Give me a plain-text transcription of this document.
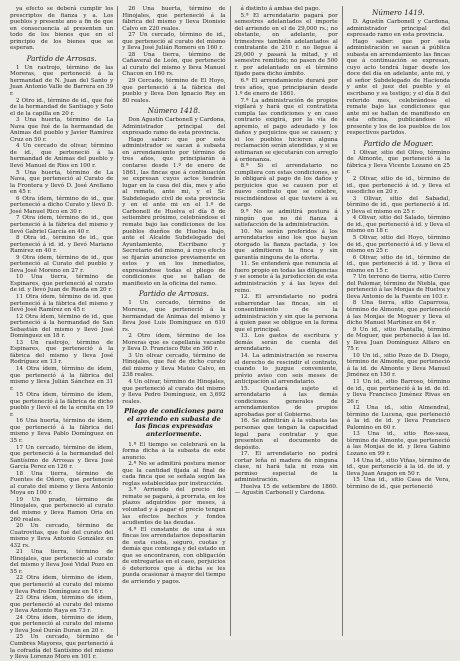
ya efecto se deberá cumplir los prescriptos de fianza y a. Los pueblos y presente ano a fin de que en consecuencia al presenten un todo de los bienes que en el principio de los bienes que se esperan.

Partido de Arrosas.

1 Un rastrojo, término de las Moreras, que perteneció á la hermandad de N. Juan del Santo y Juan Antonio Valle de Barrera en 39 r.

2 Otro id., término de id., que fué de la hermandad de Santiago y Soto el de la capilla en 20 r.

3 Una huerta, término de La Nava que fué de la hermandad de Animas del pueblo y Javier Ramírez Cruz en 50 r.

4 Un cercado de olivar, término de id., que perteneció á la hermandad de Animas del pueblo y llevó Manuel de Rios en 100 r.

5 Una huerta, término de La Nava, que perteneció al Curato de la Frontera y llevó D. José Arellano en 45 r.

6 Otra ídem, término de id., que perteneció a dicho Curato y llevó D. José Manuel Rico en 30 r.

7 Otra ídem, término de id., que perteneció á la fábrica del mismo y llevó Gabriel García en 40 r.

8 Otra id., término de id., que perteneció á id. id. y llevó Mariano Ramírez en 40 r.

9 Otra ídem, término de id., que perteneció al Curato del pueblo y lleva José Moreno en 27 r.

10 Una tierra, término de Espinares, que perteneció al curato de id. y llevó Juan de Rueda en 20 r.

11 Otra ídem, término de id. que perteneció á la fábrica del mismo y llevó José Ramírez en 45 r.

12 Otra ídem, término de id., que perteneció á la hermandad de San Sebastián del mismo y llevó José Domínguez en 18 r.

13 Un rastrojo, término de Espinares, que perteneció á la fábrica del mismo y lleva José Rodríguez en 13 r.

14 Otra ídem, término de ídem, que perteneció á la fábrica del mismo y lleva Julián Sánchez en 31 r.

15 Otra ídem, término de ídem, que perteneció á la fábrica de dicho pueblo y llevó el de la ermita en 19 r.

16 Una huerta, término de ídem, que perteneció á la fábrica del mismo y lleva Pablo Domínguez en 35 r.

17 Un cercado, término de ídem, que perteneció á la hermandad del Santísimo de Arrosas y lleva José García Perez en 126 r.

18 Una tierra, término de Fuentes de Oñoro, que perteneció al curato del mismo y lleva Antonio Moya en 100 r.

19 Un prado, término de Hinojales, que perteneció al curato del mismo y lleva Ramon Oria en 260 reales.

20 Un cercado, término de Cuatrovitas, que fué del curato del mismo y lleva Antonio González en 432 rs.

21 Una tierra, término de Hinojales, que perteneció al curato del mismo y lleva José Vidal Pozo en 55 r.

22 Otra ídem, término de ídem, que perteneció al curato del mismo y lleva Pedro Domínguez en 16 r.

23 Otra ídem, término de ídem, que perteneció al curato del mismo y lleva Antonio Raya en 73 r.

24 Otra ídem, término de ídem, que perteneció al curato del mismo y lleva José Durán Duran en 20 r.

25 Un cercado, término de Cumbres Mayores, que perteneció á la cofradía del Santísimo del mismo y lleva Lorenzo Moro en 101 r.

26 Una huerta, término de Hinojales, que perteneció á la fábrica del mismo y lleva Dionisio Calvo en 220 reales.

27 Un cercado, término de id., que perteneció al curato del mismo y lleva José Julián Romero en 160 r.

28 Una tierra, término de Cañaveral de León, que perteneció al curato del mismo y lleva Manuel Chacon en 160 rs.

29 Cercado, término de El Hoyo, que perteneció á la fábrica del pueblo y lleva Don Ignacio Rey en 80 reales.

Número 1418.

Don Agustín Carbonell y Cardona, Administrador principal del expresado ramo de esta provincia.

Hago saber: que por este administrador se sacan á subasta en arrendamiento por término de tres años, que principiarán á contarse desde 1.º de enero de 1861, las fincas que á continuación se expresan cuyos actos tendrán lugar en la casa del día, mes y año al remate, ante mi, y el Sr. Subdelegado civil de esta provincia y en el ante mi en el 1.º de Carbonell de Huelva el día 8 de setiembre próximo, celebrándose el remate bajo las condiciones de los pueblos dueños de Huelva bajo, ante el Alcalde Subdelegado del Ayuntamiento, Escribano y Secretario del mismo, á cuyo efecto se fijarán anuncios previamente en estos y en los inmediatos, expresándose todas el pliego de condiciones que se hallan de manifiesto en la oficina del ramo.

Partido de Arrosas.

1 Un cercado, término de Moreras, que perteneció á la hermandad de Animas del mismo y lleva José Luis Domínguez en 610 rs.

2 Otro ídem, término de los Moreras que es capellanía vacante y lleva D. Francisco Rite en 360 r.

3 Un olivar cercado, término de Hinojales, que fué de dicho curato del mismo y lleva Mateo Calvo, en 238 reales.

4 Un olivar, término de Hinojales, que perteneció al curato del mismo y lleva Pedro Domínguez, en 3,692 reales.

Pliego de condiciones para el arriendo en subasta de las fincas expresadas anteriormente.

1.ª El tiempo se celebrará en la forma dicha á la subasta de este anuncio.

2.ª No se admitirá postura menor que la cantidad fijada al final de cada finca que se señala según las reglas establecidas por instrucción.

3.ª Arriendo del precio del remate se pagará, á prorrata, en los plazos adquiridos por meses, á voluntad y á pagar el precio tengan las efectos hechos y fondos acudientes de las deudas.

4.ª El constante de una á sus fincas los arrendatarios depositarán de esta cuota, seguro, cuotas y demás que contenga y del estado en que se encontraren, con obligación de entregarlas en el caso, perjuicios ó deterioros que á dicha se les pueda ocasionar á mayor del tiempo de arriendo y pagos.

á distinto á ambas del pago.

5.ª El arrendatario pagará por semestres adelantados el importe del arriendo en el de 29,000 rs.; no obstante, en adelante, por trimestres también adelantados al contratante de 210 r. no llegue á 29,000 y pasará la mitad, y el semestre remitido; no pasen de 500 r. por adelantado en el término fijado para dicho ámbito.

6.ª El arrendamiento durará por tres años, que principiarán desde 1.º de enero de 1861.

7.ª La administración de propios vigilará y hará que el contratista cumpla las condiciones y en caso contrario exigirá, por la vía de apremio, el pago adeudado y los daños y perjuicios que se causen; y si los pueblos hicieren alguna reclamación serán atendidas, y si se estimaran se ejecutarán con arreglo á ordenanza.

8.ª Si el arrendatario no cumpliera con estas condiciones, se le obligará al pago de los daños y perjuicios que se causen por el nuevo contrato que se celebre, rescindiéndose el que tuviere á su cargo.

9.ª No se admitirá postura á ningún que no dé fianza á satisfacción de la administración.

10. No serán preferidos á los arrendatarios sino los que hayan otorgado la fianza pactada, y los que admitieren la finca y sin garantía ninguna de la oferta.

11. Se entenderá que renuncia al fuero propio en todas las diligencias y se somete á la jurisdicción de esta administración y á las leyes del reino.

12. El arrendatario no podrá subarrendar las fincas, sin el consentimiento de la administración y sin que la persona á quien pase se obligue en la forma que el principal.

13. Los gastos de escritura y demás serán de cuenta del arrendatario.

14. La administración se reserva el derecho de rescindir el contrato, cuando lo juzgue conveniente, prévio aviso con seis meses de anticipación al arrendatario.

15. Quedará sujeto el arrendatario á las demás condiciones generales de arrendamientos de propios aprobadas por el Gobierno.

16. Se admitirán á la subasta las personas que tengan la capacidad legal para contratar y que presenten el documento de depósito.

17. El arrendatario no podrá cortar leña ni madera de ninguna clase, ni hará tala ni roza sin permiso especial de la administración.

Huelva 15 de setiembre de 1860.— Agustín Carbonell y Cardona.

Número 1419.

D. Agustín Carbonell y Cardona, administrador principal del espresado ramo en esta provincia.

Hago saber: que por esta administración se sacan á pública subasta en arrendamiento las fincas que á continuación se expresan, cuyo acto tendrá lugar desde los doce del día en adelante, ante mi, y el señor Subdelegado de Hacienda y ante el juez del pueblo y el escribano y su testigo; y el día 8 del referido mes, celebrándose el remate bajo las condiciones que ante mi se hallan de manifiesto en esta oficina, publicándose el presente y los de los pueblos de los respectivos partidos.

Partido de Moguer.

1 Olivar, sitio del Olivo, término de Almonte, que perteneció á la fábrica y lleva Vicente Lozano en 25 r.

2 Olivar, sitio de id., término de id., que perteneció á id. y lleva el susodicho en 20 r.

3 Olivar, sitio del Sabadal, término de id., que perteneció á id. y lleva el mismo en 25 r.

4 Olivar, sitio del Salado, término de id., que perteneció á id. y lleva el mismo en 18 r.

5 Olivar, sitio del Hoyo, término de id., que perteneció á id. y lleva el mismo en 25 r.

6 Olivar, sitio de id., término de id., que perteneció á id. y lleva el mismo en 15 r.

7 Un terreno de tierra, sitio Cerro del Palomar, término de Niebla, que perteneció á las Monjas de Huelva y lleva Antonio de la Fuente en 103 r.

8 Una tierra, sitio Caparrosa, término de Almonte, que perteneció á las Monjas de Moguer y lleva el dicho Manuel Martínez en 64 r.

9 Un id., sitio Pantalla, término de Moguer, que perteneció á las id. y lleva Juan Domínguez Alfaro en 75 r.

10 Un id., sitio Pozo de D. Diego, término de Almonte, que perteneció á la id. de Almonte y lleva Manuel Jiménez en 150 r.

11 Un id., sitio Barroso, término de id., que perteneció á la id. de id. y lleva Francisco Jiménez Rivas en 26 r.

12 Una id., sitio Almendral, término de Lucena, que perteneció á la id. de id. y lleva Francisco Palomino en 60 r.

13 Una id., sitio Ros-sasa, término de Almonte, que perteneció á las Monjas de id. y lleva Gabino Lozano en 99 r.

14 Una id., sitio Viñas, término de id., que perteneció á la id. de id. y lleva Juan Aragon en 50 r.

15 Una id., sitio Casa de Vera, término de id., que perteneció
